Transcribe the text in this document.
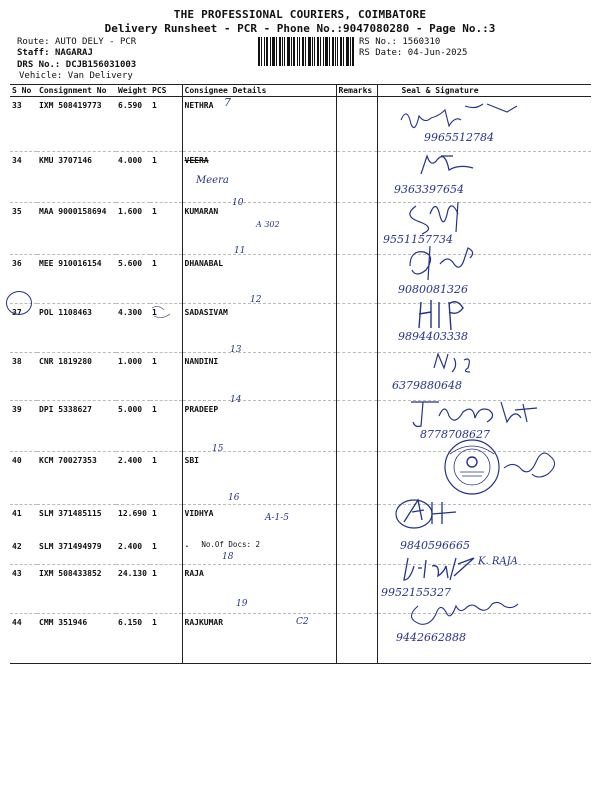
THE PROFESSIONAL COURIERS, COIMBATORE
Delivery Runsheet - PCR - Phone No.:9047080280 - Page No.:3
Route: AUTO DELY - PCR
Staff: NAGARAJ
DRS No.: DCJB156031003
Vehicle: Van Delivery
RS No.: 1560310
RS Date: 04-Jun-2025
S No	Consignment No	Weight	PCS	Consignee Details	Remarks	Seal & Signature
33	IXM 508419773	6.590	1	NETHRA		
34	KMU 3707146	4.000	1	VEERA		
35	MAA 9000158694	1.600	1	KUMARAN		
36	MEE 910016154	5.600	1	DHANABAL		
37	POL 1108463	4.300	1	SADASIVAM		
38	CNR 1819280	1.000	1	NANDINI		
39	DPI 5338627	5.000	1	PRADEEP		
40	KCM 70027353	2.400	1	SBI		
41	SLM 371485115	12.690	1	VIDHYA		
42	SLM 371494979	2.400	1	. No.Of Docs: 2		
43	IXM 508433852	24.130	1	RAJA		
44	CMM 351946	6.150	1	RAJKUMAR		
7
Meera
10
A 302
11
12
13
14
15
16
A-1-5
18
19
C2
9965512784
9363397654
9551157734
9080081326
9894403338
6379880648
8778708627
9840596665
9952155327
9442662888
K. RAJA
